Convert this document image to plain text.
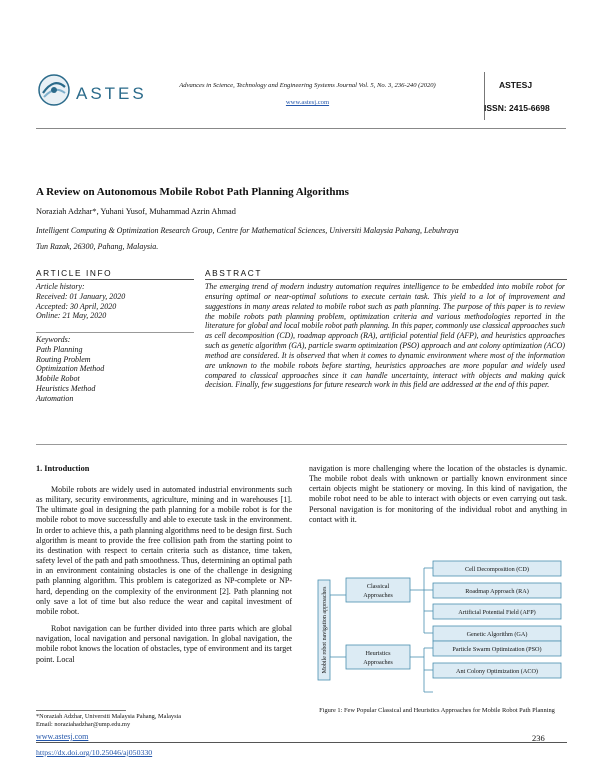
ASTES	Advances in Science, Technology and Engineering Systems Journal Vol. 5, No. 3, 236-240 (2020)
www.astesj.com
ASTESJ
ISSN: 2415-6698
A Review on Autonomous Mobile Robot Path Planning Algorithms
Noraziah Adzhar*, Yuhani Yusof, Muhammad Azrin Ahmad
Intelligent Computing & Optimization Research Group, Centre for Mathematical Sciences, Universiti Malaysia Pahang, Lebuhraya
Tun Razak, 26300, Pahang, Malaysia.
ARTICLE INFO
Article history:
Received: 01 January, 2020
Accepted: 30 April, 2020
Online: 21 May, 2020
Keywords:
Path Planning
Routing Problem
Optimization Method
Mobile Robot
Heuristics Method
Automation
ABSTRACT
The emerging trend of modern industry automation requires intelligence to be embedded into mobile robot for ensuring optimal or near-optimal solutions to execute certain task. This yield to a lot of improvement and suggestions in many areas related to mobile robot such as path planning. The purpose of this paper is to review the mobile robots path planning problem, optimization criteria and various methodologies reported in the literature for global and local mobile robot path planning. In this paper, commonly use classical approaches such as cell decomposition (CD), roadmap approach (RA), artificial potential field (AFP), and heuristics approaches such as genetic algorithm (GA), particle swarm optimization (PSO) approach and ant colony optimization (ACO) method are considered. It is observed that when it comes to dynamic environment where most of the information are unknown to the mobile robots before starting, heuristics approaches are more popular and widely used compared to classical approaches since it can handle uncertainty, interact with objects and making quick decision. Finally, few suggestions for future research work in this field are addressed at the end of this paper.
1. Introduction

Mobile robots are widely used in automated industrial environments such as military, security environments, agriculture, mining and in warehouses [1]. The ultimate goal in designing the path planning for a mobile robot is for the mobile robot to move successfully and able to execute task in the environment. In order to achieve this, a path planning algorithms need to be design first. Such algorithm is meant to provide the free collision path from the starting point to its destination with respect to certain criteria such as distance, time taken, safety level of the path and path smoothness. Thus, determining an optimal path in an environment containing obstacles is one of the challenge in designing path planning algorithm. This problem is categorized as NP-complete or NP-hard, depending on the complexity of the environment [2]. Path planning not only save a lot of time but also reduce the wear and capital investment of mobile robot.

Robot navigation can be further divided into three parts which are global navigation, local navigation and personal navigation. In global navigation, the mobile robot knows the location of obstacles, type of environment and its target point. Local

navigation is more challenging where the location of the obstacles is dynamic. The mobile robot deals with unknown or partially known environment since certain objects might be stationery or moving. In this kind of navigation, the mobile robot need to be able to interact with objects or even carrying out task. Personal navigation is for monitoring of the individual robot and anything in contact with it.

Mobile robot navigation approaches
Classical
Approaches
Heuristics
Approaches
Cell Decomposition (CD)
Roadmap Approach (RA)
Artificial Potential Field (AFP)
Genetic Algorithm (GA)
Particle Swarm Optimization (PSO)
Ant Colony Optimization (ACO)
Figure 1: Few Popular Classical and Heuristics Approaches for Mobile Robot Path Planning
*Noraziah Adzhar, Universiti Malaysia Pahang, Malaysia
Email: noraziahadzhar@ump.edu.my
www.astesj.com
https://dx.doi.org/10.25046/aj050330
236
